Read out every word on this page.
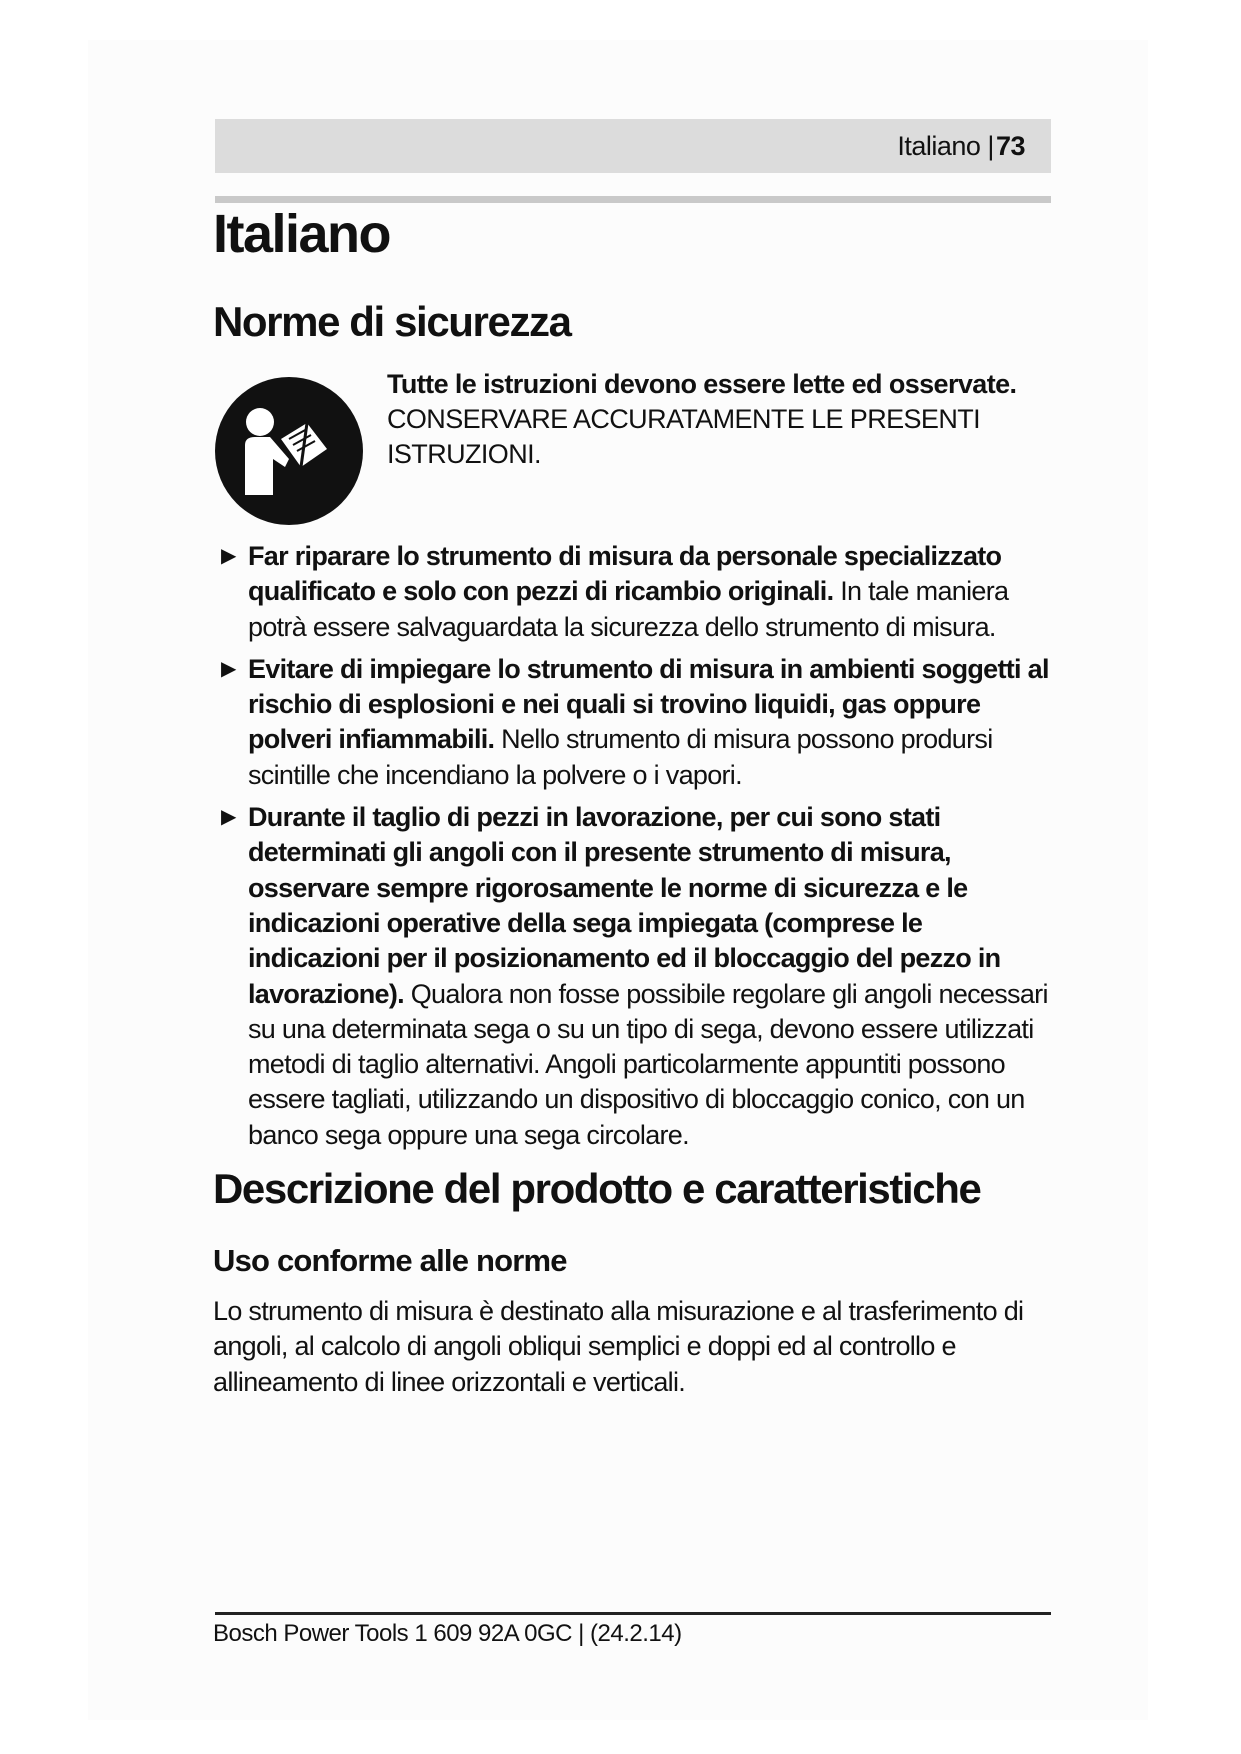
Italiano | 73
Italiano
Norme di sicurezza
Tutte le istruzioni devono essere lette ed osservate.
CONSERVARE ACCURATAMENTE LE PRESENTI ISTRUZIONI.
▶ Far riparare lo strumento di misura da personale specializzato qualificato e solo con pezzi di ricambio originali. In tale maniera potrà essere salvaguardata la sicurezza dello strumento di misura.
▶ Evitare di impiegare lo strumento di misura in ambienti soggetti al rischio di esplosioni e nei quali si trovino liquidi, gas oppure polveri infiammabili. Nello strumento di misura possono prodursi scintille che incendiano la polvere o i vapori.
▶ Durante il taglio di pezzi in lavorazione, per cui sono stati determinati gli angoli con il presente strumento di misura, osservare sempre rigorosamente le norme di sicurezza e le indicazioni operative della sega impiegata (comprese le indicazioni per il posizionamento ed il bloccaggio del pezzo in lavorazione). Qualora non fosse possibile regolare gli angoli necessari su una determinata sega o su un tipo di sega, devono essere utilizzati metodi di taglio alternativi. Angoli particolarmente appuntiti possono essere tagliati, utilizzando un dispositivo di bloccaggio conico, con un banco sega oppure una sega circolare.
Descrizione del prodotto e caratteristiche
Uso conforme alle norme

Lo strumento di misura è destinato alla misurazione e al trasferimento di angoli, al calcolo di angoli obliqui semplici e doppi ed al controllo e allineamento di linee orizzontali e verticali.

Bosch Power Tools 1 609 92A 0GC | (24.2.14)
